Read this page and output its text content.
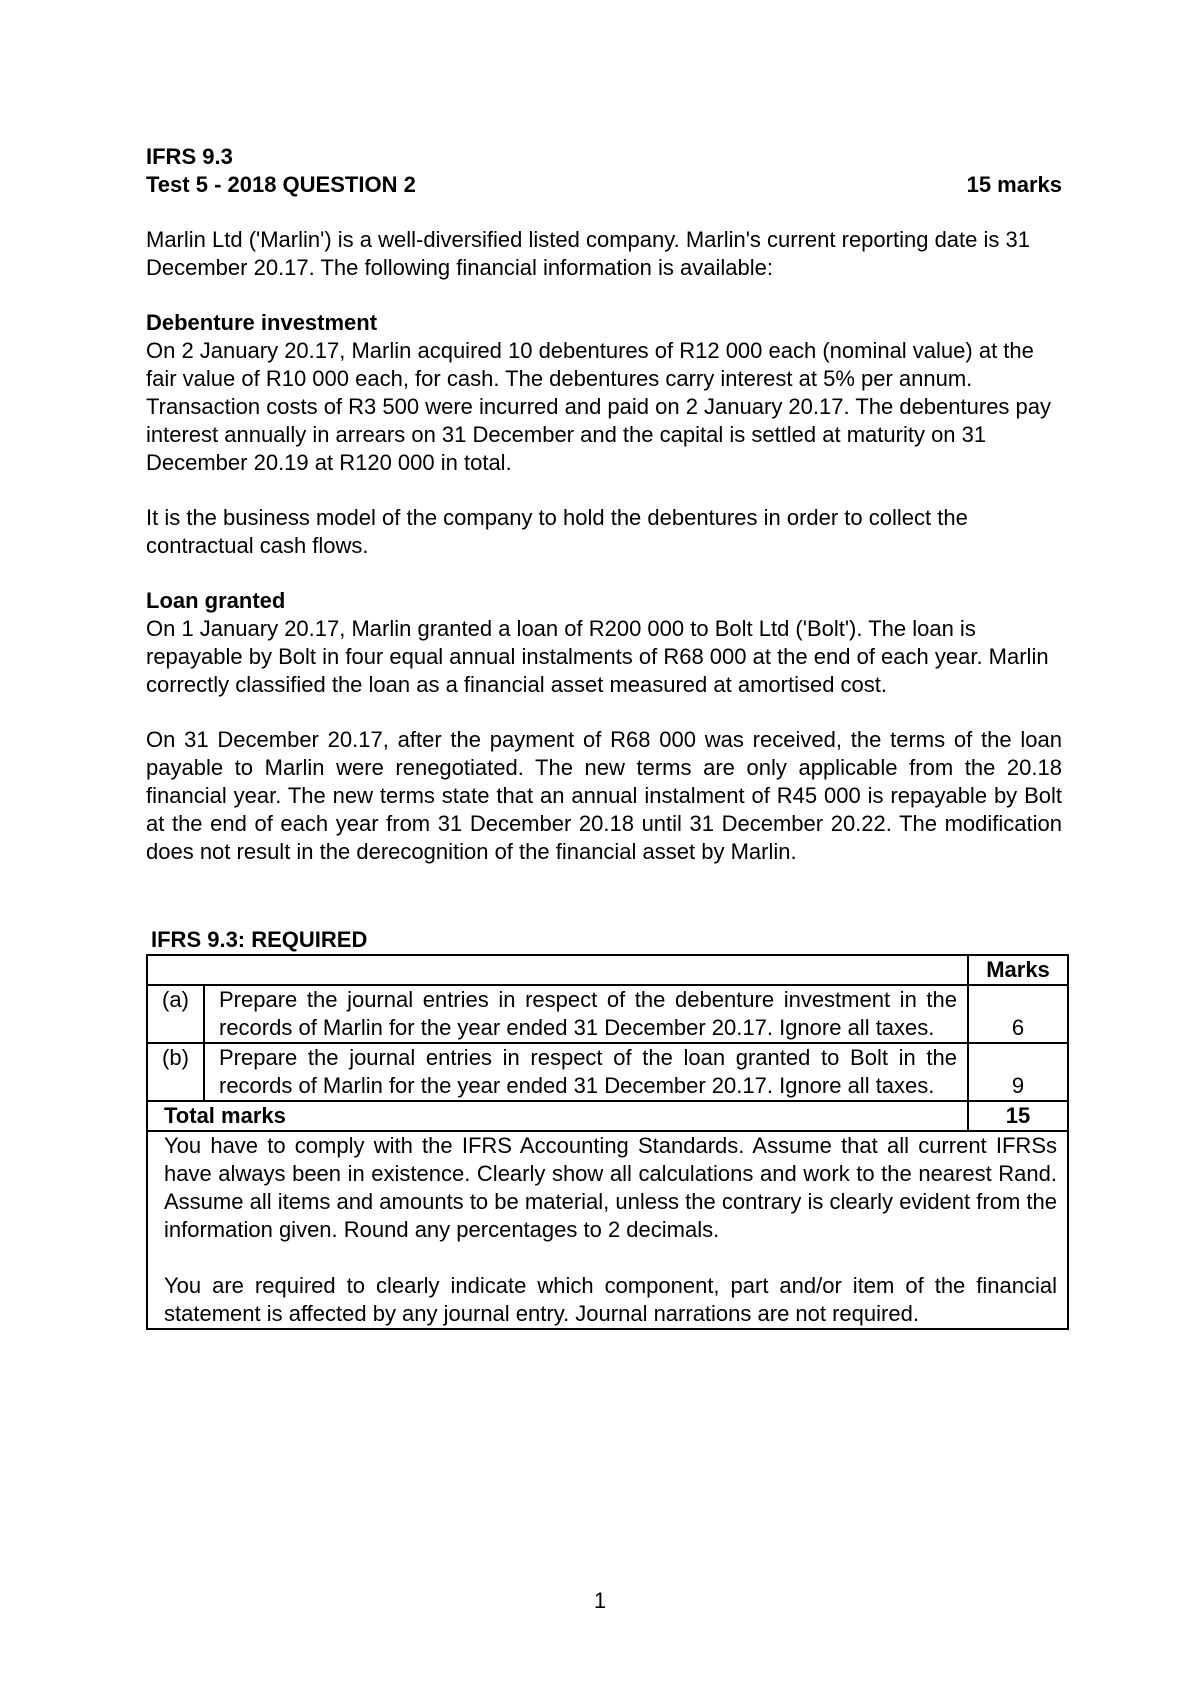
IFRS 9.3
Test 5 - 2018 QUESTION 2	15 marks

Marlin Ltd ('Marlin') is a well-diversified listed company. Marlin's current reporting date is 31 December 20.17. The following financial information is available:

Debenture investment

On 2 January 20.17, Marlin acquired 10 debentures of R12 000 each (nominal value) at the fair value of R10 000 each, for cash. The debentures carry interest at 5% per annum. Transaction costs of R3 500 were incurred and paid on 2 January 20.17. The debentures pay interest annually in arrears on 31 December and the capital is settled at maturity on 31 December 20.19 at R120 000 in total.

It is the business model of the company to hold the debentures in order to collect the contractual cash flows.

Loan granted

On 1 January 20.17, Marlin granted a loan of R200 000 to Bolt Ltd ('Bolt'). The loan is repayable by Bolt in four equal annual instalments of R68 000 at the end of each year. Marlin correctly classified the loan as a financial asset measured at amortised cost.

On 31 December 20.17, after the payment of R68 000 was received, the terms of the loan payable to Marlin were renegotiated. The new terms are only applicable from the 20.18 financial year. The new terms state that an annual instalment of R45 000 is repayable by Bolt at the end of each year from 31 December 20.18 until 31 December 20.22. The modification does not result in the derecognition of the financial asset by Marlin.

IFRS 9.3: REQUIRED
		Marks
(a)	Prepare the journal entries in respect of the debenture investment in the records of Marlin for the year ended 31 December 20.17. Ignore all taxes.	6
(b)	Prepare the journal entries in respect of the loan granted to Bolt in the records of Marlin for the year ended 31 December 20.17. Ignore all taxes.	9
Total marks		15

You have to comply with the IFRS Accounting Standards. Assume that all current IFRSs have always been in existence. Clearly show all calculations and work to the nearest Rand. Assume all items and amounts to be material, unless the contrary is clearly evident from the information given. Round any percentages to 2 decimals.

You are required to clearly indicate which component, part and/or item of the financial statement is affected by any journal entry. Journal narrations are not required.		

1
